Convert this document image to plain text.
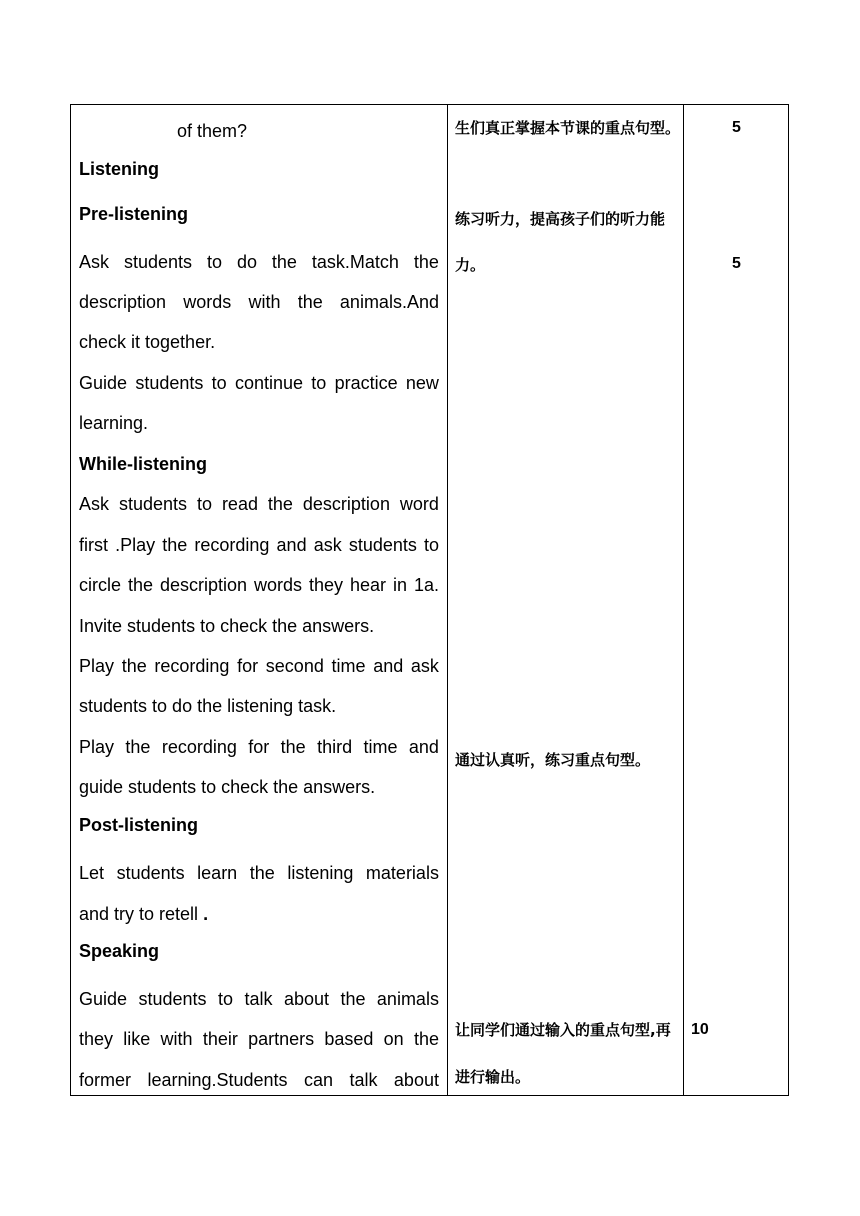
of them?
Listening
Pre-listening
Ask students to do the task.Match the
description words with the animals.And
check it together.
Guide students to continue to practice new
learning.
While-listening
Ask students to read the description word
first .Play the recording and ask students to
circle the description words they hear in 1a.
Invite students to check the answers.
Play the recording for second time and ask
students to do the listening task.
Play the recording for the third time and
guide students to check the answers.
Post-listening
Let students learn the listening materials
and try to retell .
Speaking
Guide students to talk about the animals
they like with their partners based on the
former learning.Students can talk about
生们真正掌握本节课的重点句型。
练习听力，提高孩子们的听力能
力。
通过认真听，练习重点句型。
让同学们通过输入的重点句型,再
进行输出。
5
5
10
